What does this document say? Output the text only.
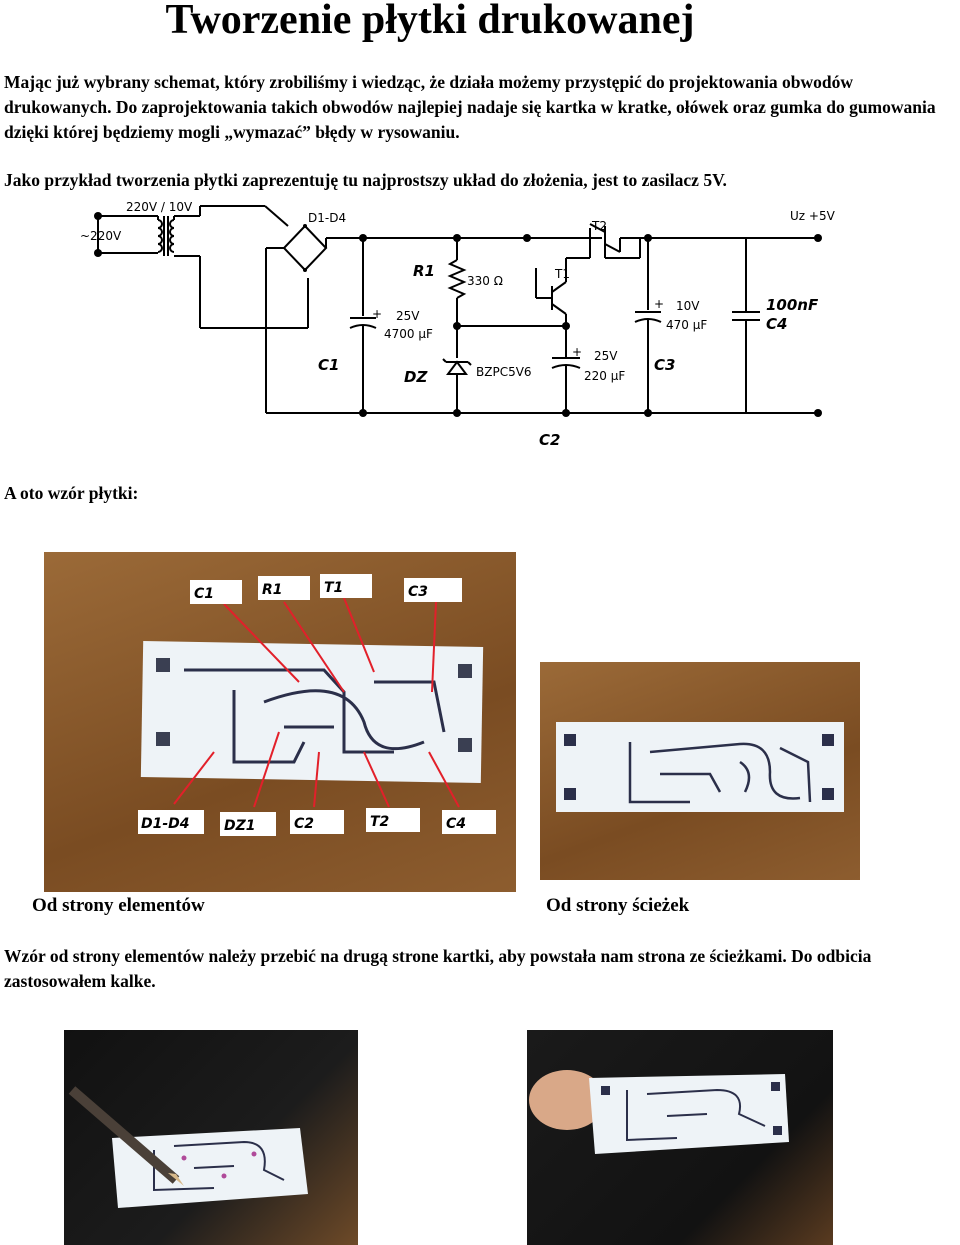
Tworzenie płytki drukowanej

Mając już wybrany schemat, który zrobiliśmy i wiedząc, że działa możemy przystępić do projektowania obwodów drukowanych. Do zaprojektowania takich obwodów najlepiej nadaje się kartka w kratke, ołówek oraz gumka do gumowania dzięki której będziemy mogli „wymazać” błędy w rysowaniu.

Jako przykład tworzenia płytki zaprezentuję tu najprostszy układ do złożenia, jest to zasilacz 5V.

~220V
220V / 10V
D1-D4	Uz +5V
T2
330 Ω	T1
25V
4700 µF
BZPC5V6
25V
220 µF
10V
470 µF
+
+
+
R1
C1
DZ
C2
C3
100nF
C4

A oto wzór płytki:

C1	R1	T1	C3
D1-D4 DZ1	C2	T2	C4

Od strony elementów	Od strony ścieżek

Wzór od strony elementów należy przebić na drugą strone kartki, aby powstała nam strona ze ścieżkami. Do odbicia zastosowałem kalke.
